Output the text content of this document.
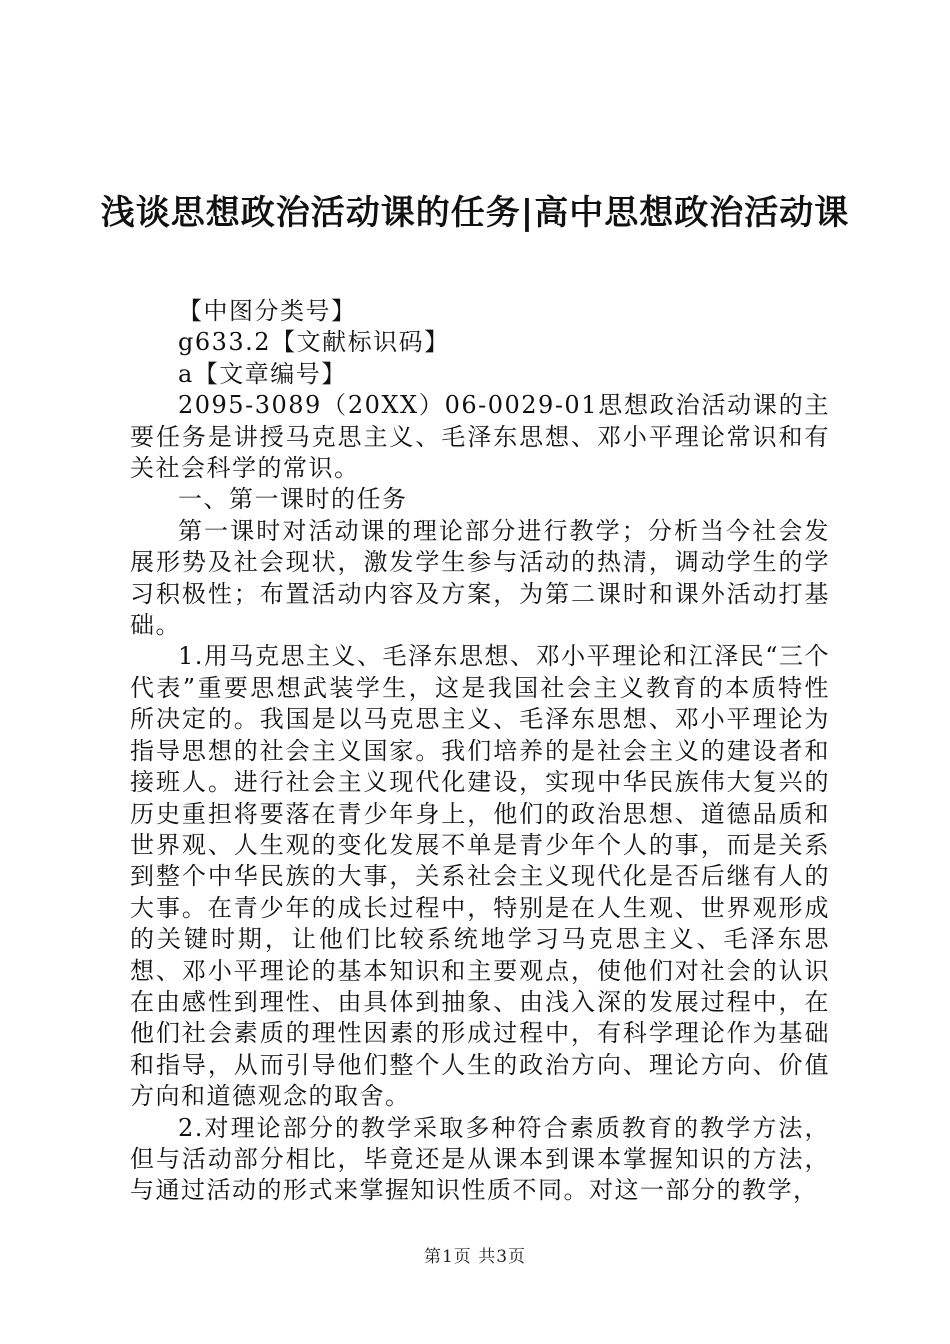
浅谈思想政治活动课的任务|高中思想政治活动课

【中图分类号】

g633.2【文献标识码】

a【文章编号】

2095-3089（20XX）06-0029-01思想政治活动课的主要任务是讲授马克思主义、毛泽东思想、邓小平理论常识和有关社会科学的常识。

一、第一课时的任务

第一课时对活动课的理论部分进行教学；分析当今社会发展形势及社会现状，激发学生参与活动的热清，调动学生的学习积极性；布置活动内容及方案，为第二课时和课外活动打基础。

1.用马克思主义、毛泽东思想、邓小平理论和江泽民“三个代表”重要思想武装学生，这是我国社会主义教育的本质特性所决定的。我国是以马克思主义、毛泽东思想、邓小平理论为指导思想的社会主义国家。我们培养的是社会主义的建设者和接班人。进行社会主义现代化建设，实现中华民族伟大复兴的历史重担将要落在青少年身上，他们的政治思想、道德品质和世界观、人生观的变化发展不单是青少年个人的事，而是关系到整个中华民族的大事，关系社会主义现代化是否后继有人的大事。在青少年的成长过程中，特别是在人生观、世界观形成的关键时期，让他们比较系统地学习马克思主义、毛泽东思想、邓小平理论的基本知识和主要观点，使他们对社会的认识在由感性到理性、由具体到抽象、由浅入深的发展过程中，在他们社会素质的理性因素的形成过程中，有科学理论作为基础和指导，从而引导他们整个人生的政治方向、理论方向、价值方向和道德观念的取舍。

2.对理论部分的教学采取多种符合素质教育的教学方法，但与活动部分相比，毕竟还是从课本到课本掌握知识的方法，与通过活动的形式来掌握知识性质不同。对这一部分的教学，

第1页 共3页
